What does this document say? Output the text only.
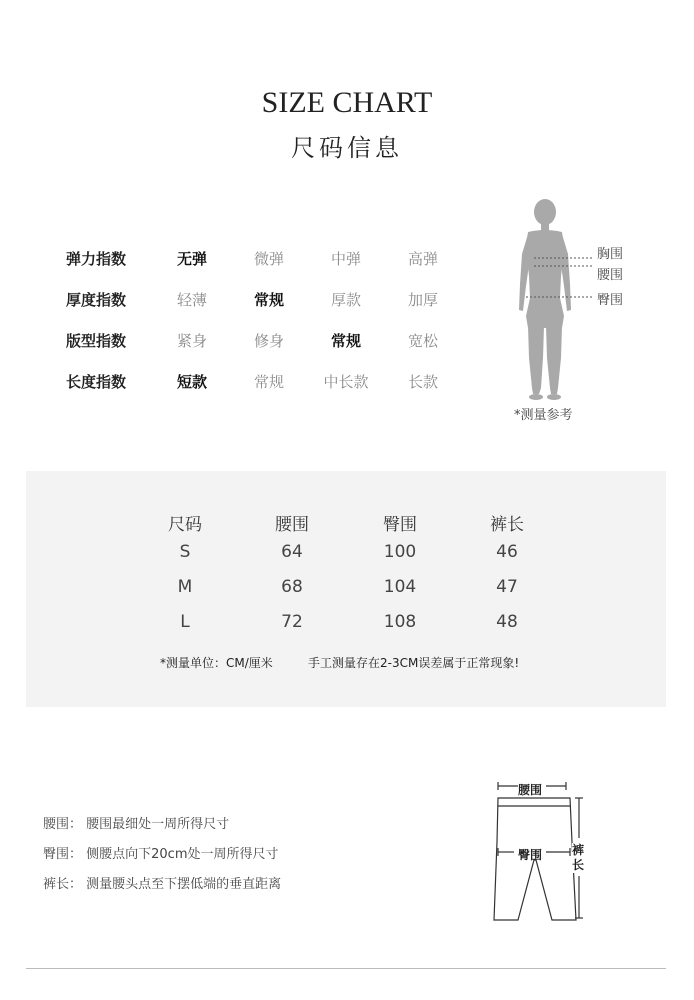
SIZE CHART
尺码信息
弹力指数	无弹	微弹	中弹	高弹
厚度指数	轻薄	常规	厚款	加厚
版型指数	紧身	修身	常规	宽松
长度指数	短款	常规	中长款	长款
胸围
腰围
臀围
*测量参考
尺码	腰围	臀围	裤长
S	64	100	46
M	68	104	47
L	72	108	48
*测量单位：CM/厘米	手工测量存在2-3CM误差属于正常现象!
腰围： 腰围最细处一周所得尺寸
臀围： 侧腰点向下20cm处一周所得尺寸
裤长： 测量腰头点至下摆低端的垂直距离
腰围
臀围 裤长
